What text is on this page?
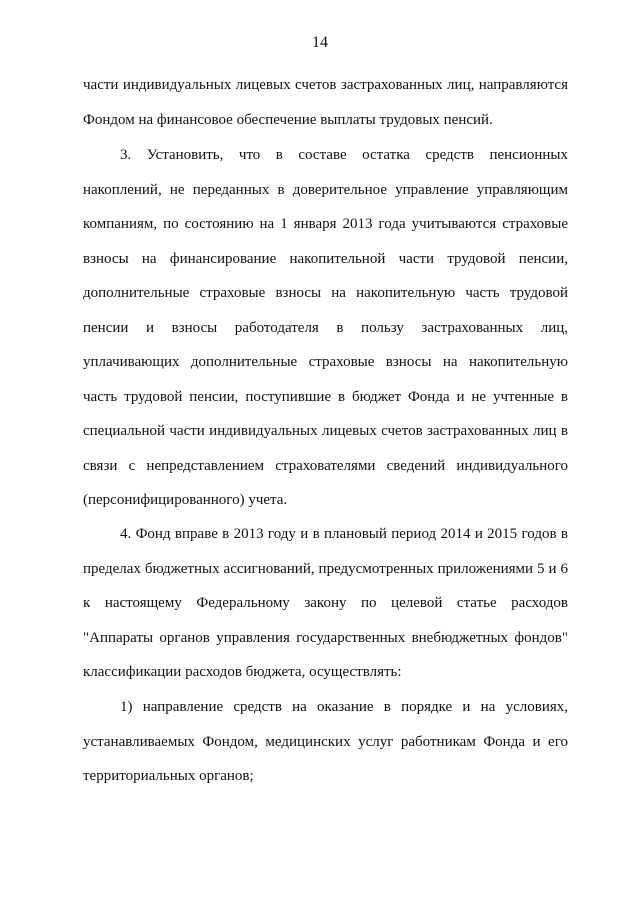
14
части индивидуальных лицевых счетов застрахованных лиц, направляются
Фондом на финансовое обеспечение выплаты трудовых пенсий.
3. Установить, что в составе остатка средств пенсионных
накоплений, не переданных в доверительное управление управляющим
компаниям, по состоянию на 1 января 2013 года учитываются страховые
взносы на финансирование накопительной части трудовой пенсии,
дополнительные страховые взносы на накопительную часть трудовой
пенсии и взносы работодателя в пользу застрахованных лиц,
уплачивающих дополнительные страховые взносы на накопительную
часть трудовой пенсии, поступившие в бюджет Фонда и не учтенные в
специальной части индивидуальных лицевых счетов застрахованных лиц в
связи с непредставлением страхователями сведений индивидуального
(персонифицированного) учета.
4. Фонд вправе в 2013 году и в плановый период 2014 и 2015 годов в
пределах бюджетных ассигнований, предусмотренных приложениями 5 и 6
к настоящему Федеральному закону по целевой статье расходов
"Аппараты органов управления государственных внебюджетных фондов"
классификации расходов бюджета, осуществлять:
1) направление средств на оказание в порядке и на условиях,
устанавливаемых Фондом, медицинских услуг работникам Фонда и его
территориальных органов;
